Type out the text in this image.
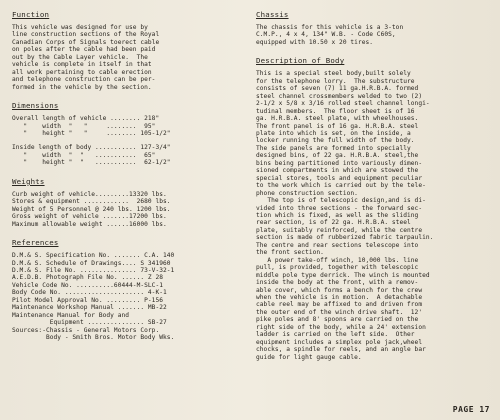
Function
This vehicle was designed for use by
line construction sections of the Royal
Canadian Corps of Signals toerect cable
on poles after the cable had been paid
out by the Cable Layer vehicle.  The
vehicle is complete in itself in that
all work pertaining to cable erection
and telephone construction can be per-
formed in the vehicle by the section.
Dimensions
Overall length of vehicle ........ 218"
"    width  "   "     ........  95"
"    height "   "     ........ 105-1/2"
Inside length of body ........... 127-3/4"
"    width  "  "   ...........  65"
"    height "  "   ...........  62-1/2"
Weights
Curb weight of vehicle.........13320 lbs.
Stores & equipment ............  2680 lbs.
Weight of 5 Personnel @ 240 lbs. 1200 lbs.
Gross weight of vehicle .......17200 lbs.
Maximum allowable weight ......16000 lbs.
References
D.M.& S. Specification No. ....... C.A. 140
D.M.& S. Schedule of Drawings.... S 341960
D.M.& S. File No. ............... 73-V-32-1
A.E.D.B. Photograph File No. ...... Z 28
Vehicle Code No. ..........60444-M-SLC-1
Body Code No. ..................... 4-K-1
Pilot Model Approval No. ......... P-156
Maintenance Workshop Manual ....... MB-22
Maintenance Manual for Body and
Equipment ............... SB-27
Sources:-Chassis - General Motors Corp.
Body - Smith Bros. Motor Body Wks.
Chassis
The chassis for this vehicle is a 3-ton
C.M.P., 4 x 4, 134" W.B. - Code C60S,
equipped with 10.50 x 20 tires.
Description of Body
This is a special steel body,built solely
for the telephone lorry.  The substructure
consists of seven (7) 11 ga.H.R.B.A. formed
steel channel crossmembers welded to two (2)
2-1/2 x 5/8 x 3/16 rolled steel channel longi-
tudinal members.  The floor sheet is of 16
ga. H.R.B.A. steel plate, with wheelhouses.
The front panel is of 16 ga. H.R.B.A. steel
plate into which is set, on the inside, a
locker running the full width of the body.
The side panels are formed into specially
designed bins, of 22 ga. H.R.B.A. steel,the
bins being partitioned into variously dimen-
sioned compartments in which are stowed the
special stores, tools and equipment peculiar
to the work which is carried out by the tele-
phone construction section.
The top is of telescopic design,and is di-
vided into three sections - the forward sec-
tion which is fixed, as well as the sliding
rear section, is of 22 ga. H.R.B.A. steel
plate, suitably reinforced, while the centre
section is made of rubberized fabric tarpaulin.
The centre and rear sections telescope into
the front section.
A power take-off winch, 10,000 lbs. line
pull, is provided, together with telescopic
middle pole type derrick. The winch is mounted
inside the body at the front, with a remov-
able cover, which forms a bench for the crew
when the vehicle is in motion.  A detachable
cable reel may be affixed to and driven from
the outer end of the winch drive shaft.  12'
pike poles and 8' spoons are carried on the
right side of the body, while a 24' extension
ladder is carried on the left side.  Other
equipment includes a simplex pole jack,wheel
chocks, a spindle for reels, and an angle bar
guide for light gauge cable.
PAGE 17
